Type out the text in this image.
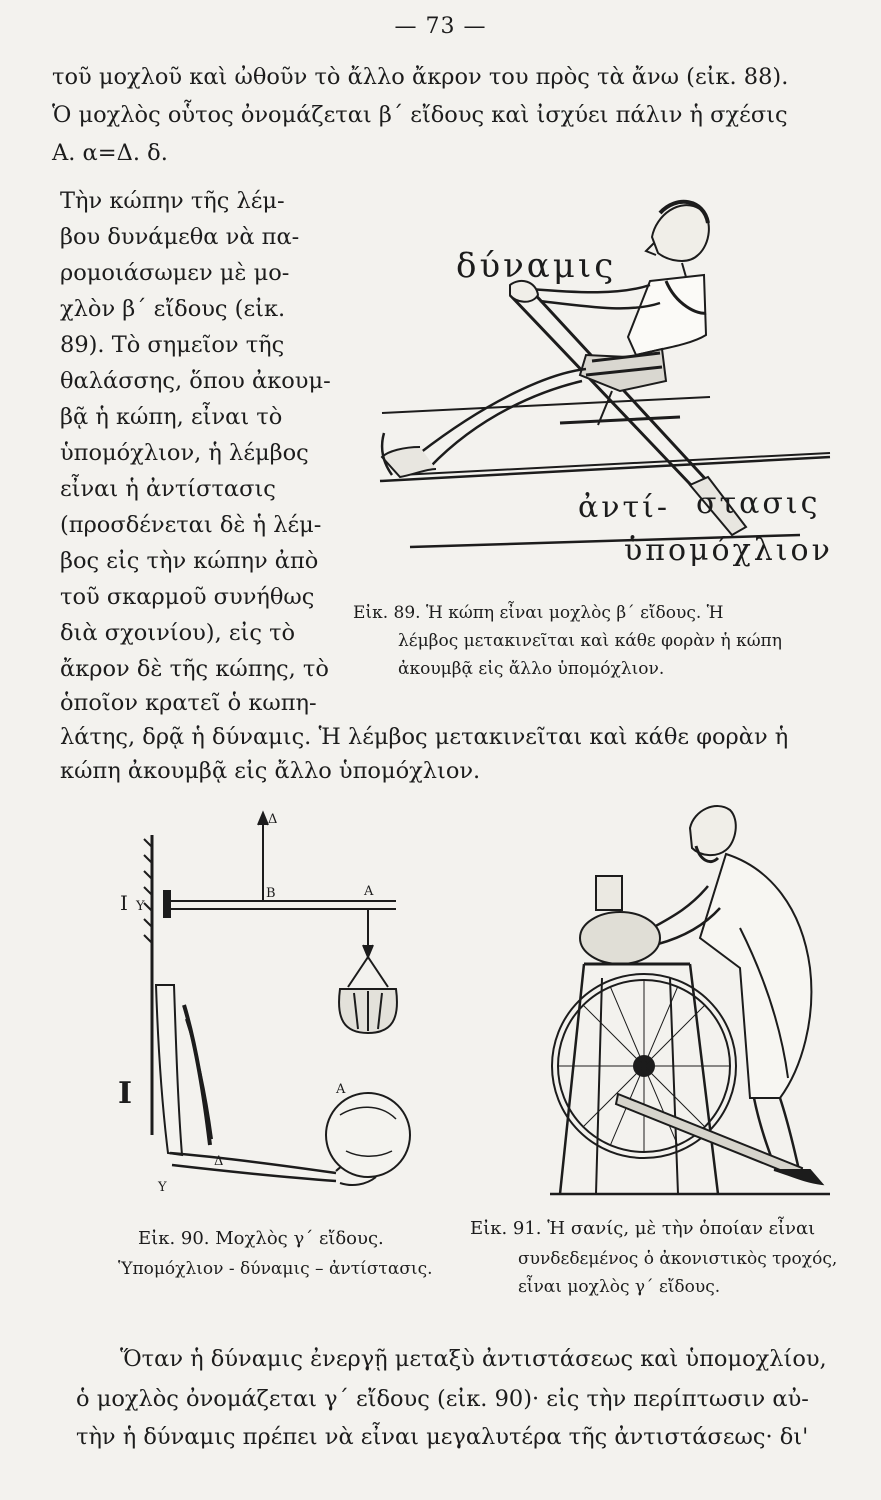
— 73 —
τοῦ μοχλοῦ καὶ ὠθοῦν τὸ ἄλλο ἄκρον του πρὸς τὰ ἄνω (εἰκ. 88).
Ὁ μοχλὸς οὗτος ὀνομάζεται β΄ εἴδους καὶ ἰσχύει πάλιν ἡ σχέσις
Α. α=Δ. δ.
Τὴν κώπην τῆς λέμ-
βου δυνάμεθα νὰ πα-
ρομοιάσωμεν μὲ μο-
χλὸν β΄ εἴδους (εἰκ.
89). Τὸ σημεῖον τῆς
θαλάσσης, ὅπου ἀκουμ-
βᾷ ἡ κώπη, εἶναι τὸ
ὑπομόχλιον, ἡ λέμβος
εἶναι ἡ ἀντίστασις
(προσδένεται δὲ ἡ λέμ-
βος εἰς τὴν κώπην ἀπὸ
τοῦ σκαρμοῦ συνήθως
διὰ σχοινίου), εἰς τὸ
ἄκρον δὲ τῆς κώπης, τὸ
ὁποῖον κρατεῖ ὁ κωπη-
λάτης, δρᾷ ἡ δύναμις. Ἡ λέμβος μετακινεῖται καὶ κάθε φορὰν ἡ
κώπη ἀκουμβᾷ εἰς ἄλλο ὑπομόχλιον.
δύναμις
ἀντί- στασις
ὑπομόχλιον
Εἰκ. 89. Ἡ κώπη εἶναι μοχλὸς β΄ εἴδους. Ἡ
λέμβος μετακινεῖται καὶ κάθε φορὰν ἡ κώπη
ἀκουμβᾷ εἰς ἄλλο ὑπομόχλιον.
I Υ
Δ
Β	Α
I	Α
Δ
Υ
Εἰκ. 90. Μοχλὸς γ΄ εἴδους.
Ὑπομόχλιον - δύναμις – ἀντίστασις.
Εἰκ. 91. Ἡ σανίς, μὲ τὴν ὁποίαν εἶναι
συνδεδεμένος ὁ ἀκονιστικὸς τροχός,
εἶναι μοχλὸς γ΄ εἴδους.
Ὅταν ἡ δύναμις ἐνεργῇ μεταξὺ ἀντιστάσεως καὶ ὑπομοχλίου,
ὁ μοχλὸς ὀνομάζεται γ΄ εἴδους (εἰκ. 90)· εἰς τὴν περίπτωσιν αὐ-
τὴν ἡ δύναμις πρέπει νὰ εἶναι μεγαλυτέρα τῆς ἀντιστάσεως· δι'
